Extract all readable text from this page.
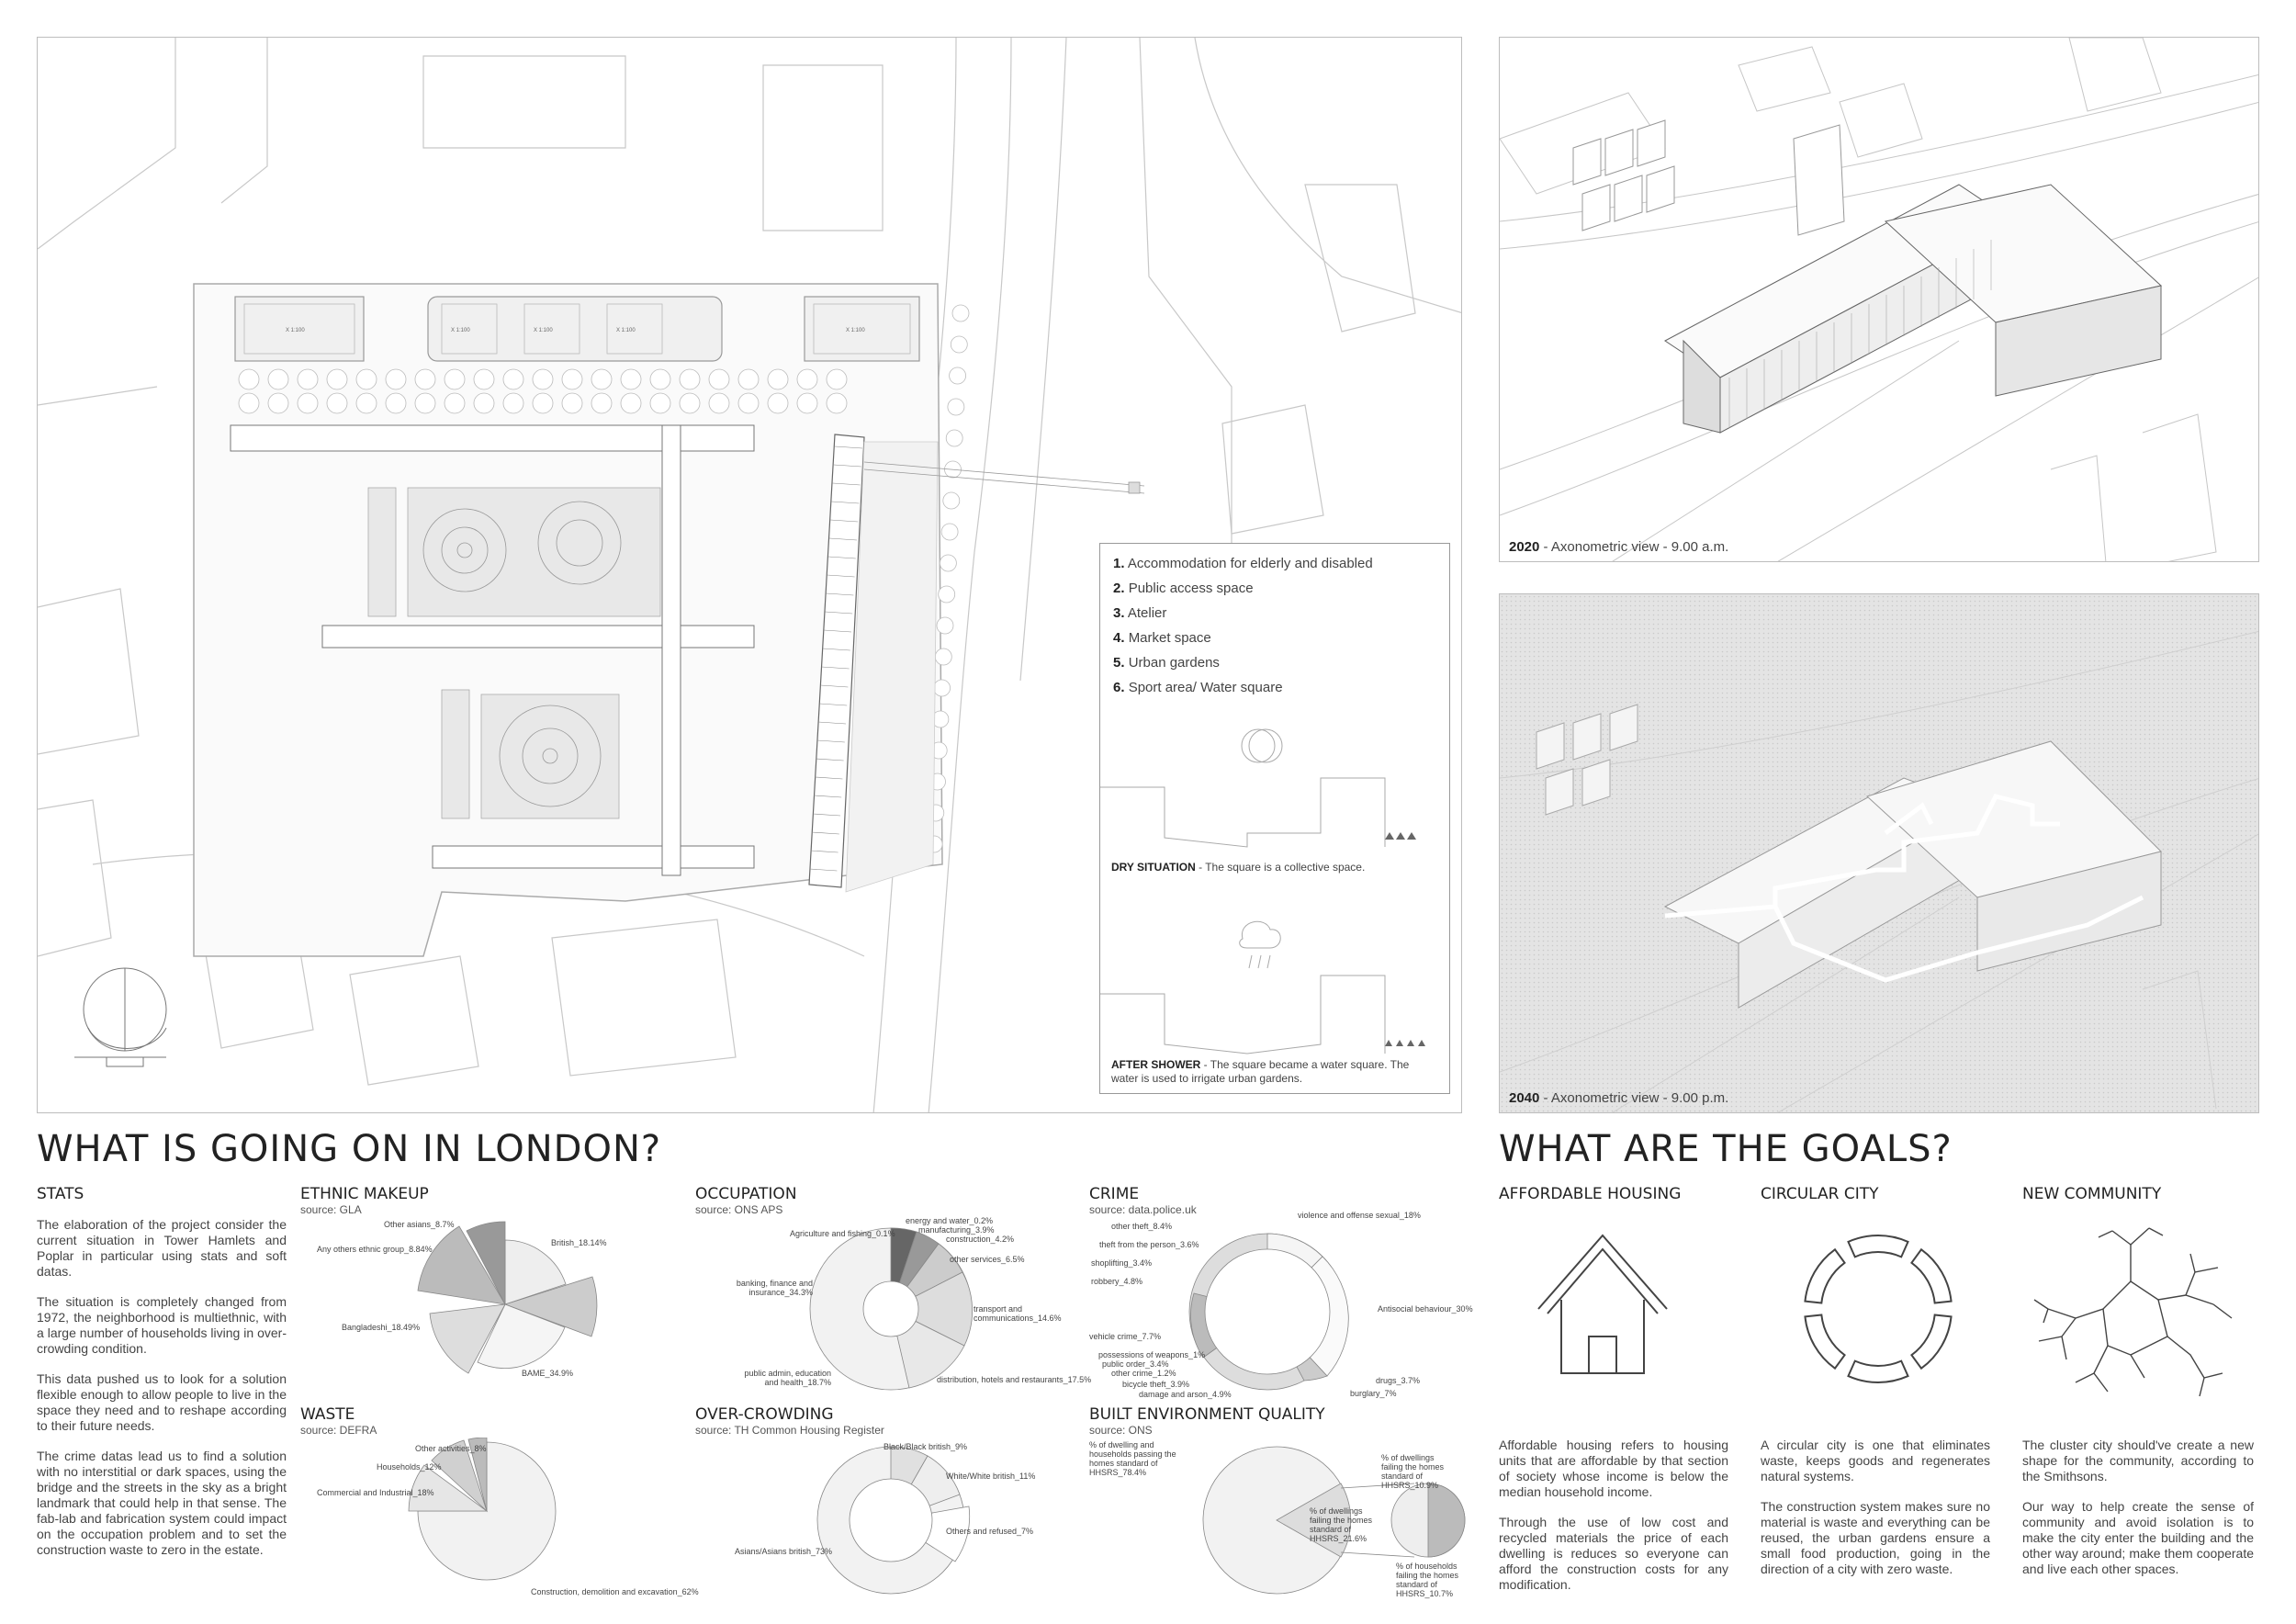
X 1:100	X 1:100	X 1:100	X 1:100	X 1:100
1. Accommodation for elderly and disabled
2. Public access space
3. Atelier
4. Market space
5. Urban gardens
6. Sport area/ Water square
DRY SITUATION - The square is a collective space.
AFTER SHOWER - The square became a water square. The water is used to irrigate urban gardens.
2020 - Axonometric view - 9.00 a.m.
2040 - Axonometric view - 9.00 p.m.
WHAT IS GOING ON IN LONDON?
STATS

The elaboration of the project consider the current situation in Tower Hamlets and Poplar in particular using stats and soft datas.

The situation is completely changed from 1972, the neighborhood is multiethnic, with a large number of households living in over-crowding condition.

This data pushed us to look for a solution flexible enough to allow people to live in the space they need and to reshape according to their future needs.

The crime datas lead us to find a solution with no interstitial or dark spaces, using the bridge and the streets in the sky as a bright landmark that could help in that sense. The fab-lab and fabrication system could impact on the occupation problem and to set the construction waste to zero in the estate.

ETHNIC MAKEUP
source: GLA
Other asians_8.7%
Any others ethnic group_8.84%
British_18.14%
Bangladeshi_18.49%
BAME_34.9%
WASTE
source: DEFRA
Other activities_8%
Households_12%
Commercial and Industrial_18%
Construction, demolition and excavation_62%
OCCUPATION
source: ONS APS
energy and water_0.2%
manufacturing_3.9%
construction_4.2%
Agriculture and fishing_0.1%
other services_6.5%
banking, finance and insurance_34.3%
transport and communications_14.6%
public admin, education and health_18.7%	distribution, hotels and restaurants_17.5%
OVER-CROWDING
source: TH Common Housing Register
Black/Black british_9%
White/White british_11%
Others and refused_7%
Asians/Asians british_73%
CRIME
source: data.police.uk
other theft_8.4%
violence and offense sexual_18%
theft from the person_3.6%
shoplifting_3.4%
robbery_4.8%
Antisocial behaviour_30%
vehicle crime_7.7%
possessions of weapons_1%
public order_3.4%
other crime_1.2%
drugs_3.7%
bicycle theft_3.9%
burglary_7%
damage and arson_4.9%
BUILT ENVIRONMENT QUALITY
source: ONS
% of dwelling and households passing the homes standard of HHSRS_78.4%
% of dwellings failing the homes standard of HHSRS_21.6%
% of dwellings failing the homes standard of HHSRS_10.9%
% of households failing the homes standard of HHSRS_10.7%
WHAT ARE THE GOALS?
AFFORDABLE HOUSING

Affordable housing refers to housing units that are affordable by that section of society whose income is below the median household income.

Through the use of low cost and recycled materials the price of each dwelling is reduces so everyone can afford the construction costs for any modification.

CIRCULAR CITY

A circular city is one that eliminates waste, keeps goods and regenerates natural systems.

The construction system makes sure no material is waste and everything can be reused, the urban gardens ensure a small food production, going in the direction of a city with zero waste.

NEW COMMUNITY

The cluster city should've create a new shape for the community, according to the Smithsons.

Our way to help create the sense of community and avoid isolation is to make the city enter the building and the other way around; make them cooperate and live each other spaces.
